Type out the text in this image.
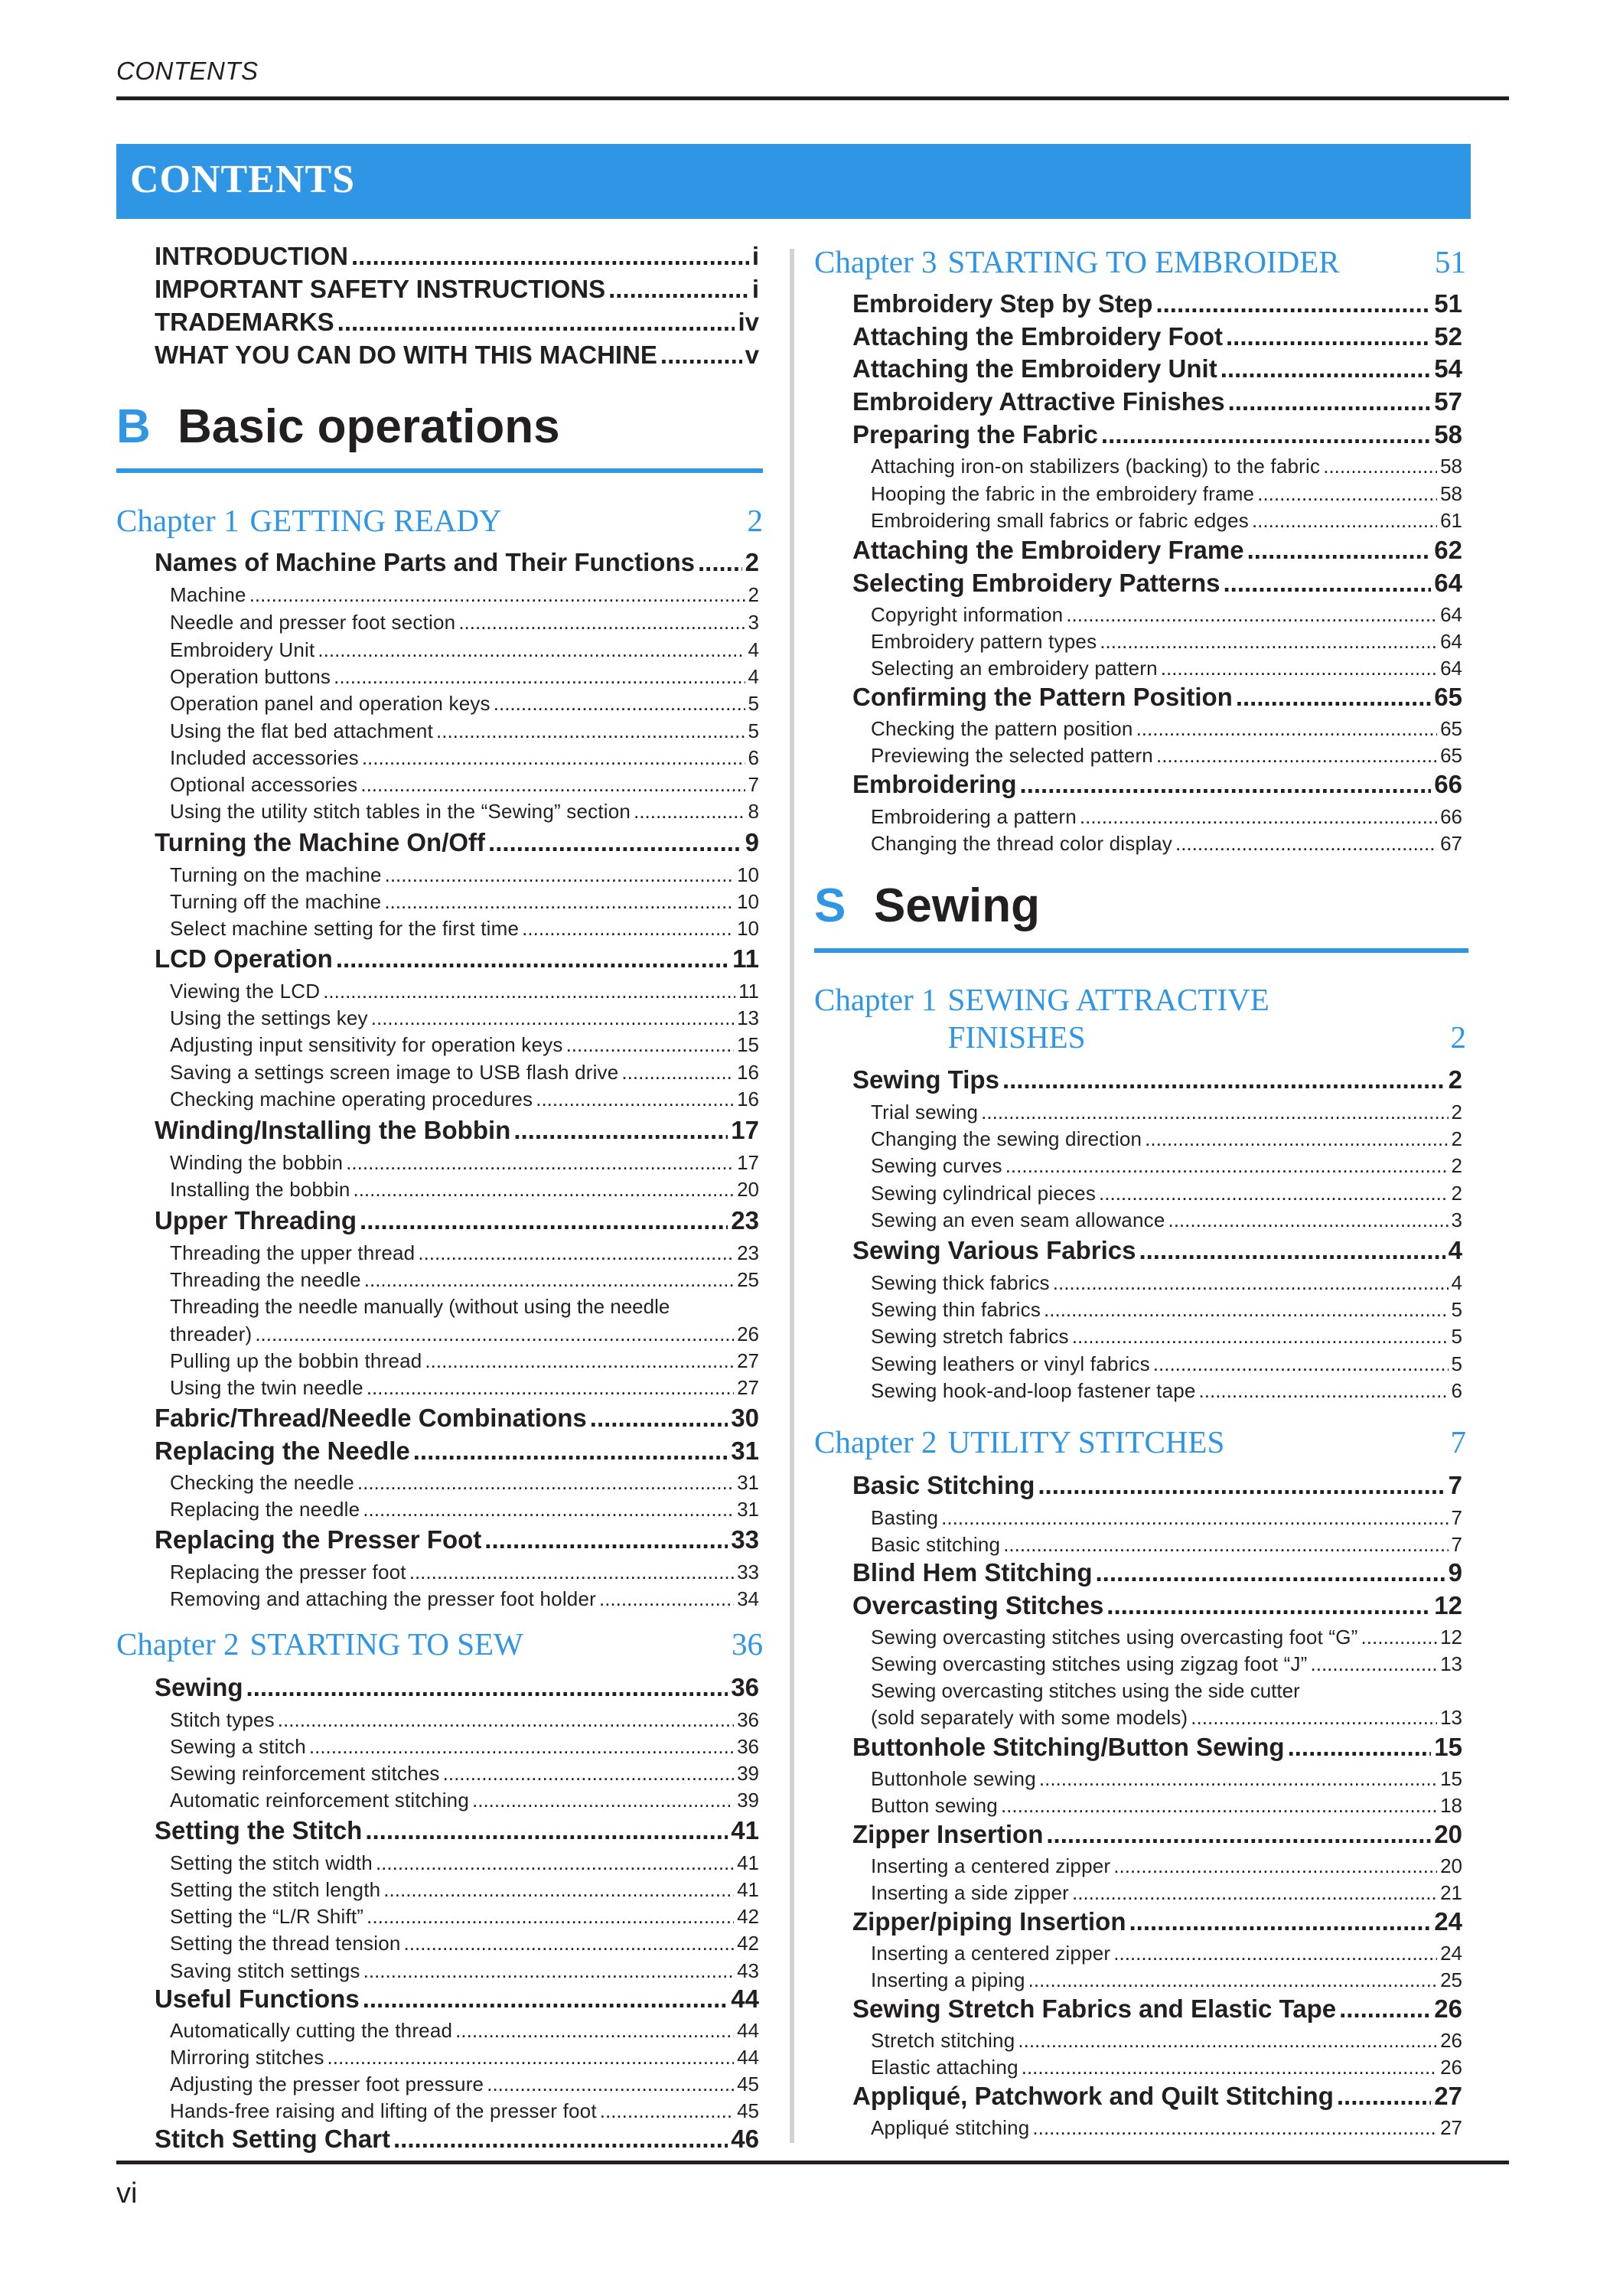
CONTENTS
CONTENTS
INTRODUCTION .....	i
IMPORTANT SAFETY INSTRUCTIONS .....	i
TRADEMARKS .....	iv
WHAT YOU CAN DO WITH THIS MACHINE .....	v
B Basic operations
Chapter 1 GETTING READY	2
Names of Machine Parts and Their Functions ..... 2
Machine .....	2
Needle and presser foot section .....	3
Embroidery Unit .....	4
Operation buttons .....	4
Operation panel and operation keys .....	5
Using the flat bed attachment .....	5
Included accessories .....	6
Optional accessories .....	7
Using the utility stitch tables in the “Sewing” section .....	8
Turning the Machine On/Off .....	9
Turning on the machine .....	10
Turning off the machine .....	10
Select machine setting for the first time .....	10
LCD Operation .....	11
Viewing the LCD .....	11
Using the settings key .....	13
Adjusting input sensitivity for operation keys .....	15
Saving a settings screen image to USB flash drive .....	16
Checking machine operating procedures .....	16
Winding/Installing the Bobbin .....	17
Winding the bobbin .....	17
Installing the bobbin .....	20
Upper Threading .....	23
Threading the upper thread .....	23
Threading the needle .....	25
Threading the needle manually (without using the needle
threader) .....	26
Pulling up the bobbin thread .....	27
Using the twin needle .....	27
Fabric/Thread/Needle Combinations .....	30
Replacing the Needle .....	31
Checking the needle .....	31
Replacing the needle .....	31
Replacing the Presser Foot .....	33
Replacing the presser foot .....	33
Removing and attaching the presser foot holder .....	34
Chapter 2 STARTING TO SEW	36
Sewing .....	36
Stitch types .....	36
Sewing a stitch .....	36
Sewing reinforcement stitches .....	39
Automatic reinforcement stitching .....	39
Setting the Stitch .....	41
Setting the stitch width .....	41
Setting the stitch length .....	41
Setting the “L/R Shift” .....	42
Setting the thread tension .....	42
Saving stitch settings .....	43
Useful Functions .....	44
Automatically cutting the thread .....	44
Mirroring stitches .....	44
Adjusting the presser foot pressure .....	45
Hands-free raising and lifting of the presser foot .....	45
Stitch Setting Chart .....	46
Chapter 3 STARTING TO EMBROIDER	51
Embroidery Step by Step .....	51
Attaching the Embroidery Foot .....	52
Attaching the Embroidery Unit .....	54
Embroidery Attractive Finishes .....	57
Preparing the Fabric .....	58
Attaching iron-on stabilizers (backing) to the fabric .....	58
Hooping the fabric in the embroidery frame .....	58
Embroidering small fabrics or fabric edges .....	61
Attaching the Embroidery Frame .....	62
Selecting Embroidery Patterns .....	64
Copyright information .....	64
Embroidery pattern types .....	64
Selecting an embroidery pattern .....	64
Confirming the Pattern Position .....	65
Checking the pattern position .....	65
Previewing the selected pattern .....	65
Embroidering .....	66
Embroidering a pattern .....	66
Changing the thread color display .....	67
S Sewing
Chapter 1 SEWING ATTRACTIVE
FINISHES	2
Sewing Tips .....	2
Trial sewing .....	2
Changing the sewing direction .....	2
Sewing curves .....	2
Sewing cylindrical pieces .....	2
Sewing an even seam allowance .....	3
Sewing Various Fabrics .....	4
Sewing thick fabrics .....	4
Sewing thin fabrics .....	5
Sewing stretch fabrics .....	5
Sewing leathers or vinyl fabrics .....	5
Sewing hook-and-loop fastener tape .....	6
Chapter 2 UTILITY STITCHES	7
Basic Stitching .....	7
Basting .....	7
Basic stitching .....	7
Blind Hem Stitching .....	9
Overcasting Stitches .....	12
Sewing overcasting stitches using overcasting foot “G” .....	12
Sewing overcasting stitches using zigzag foot “J” .....	13
Sewing overcasting stitches using the side cutter
(sold separately with some models) .....	13
Buttonhole Stitching/Button Sewing .....	15
Buttonhole sewing .....	15
Button sewing .....	18
Zipper Insertion .....	20
Inserting a centered zipper .....	20
Inserting a side zipper .....	21
Zipper/piping Insertion .....	24
Inserting a centered zipper .....	24
Inserting a piping .....	25
Sewing Stretch Fabrics and Elastic Tape .....	26
Stretch stitching .....	26
Elastic attaching .....	26
Appliqué, Patchwork and Quilt Stitching .....	27
Appliqué stitching .....	27
vi
